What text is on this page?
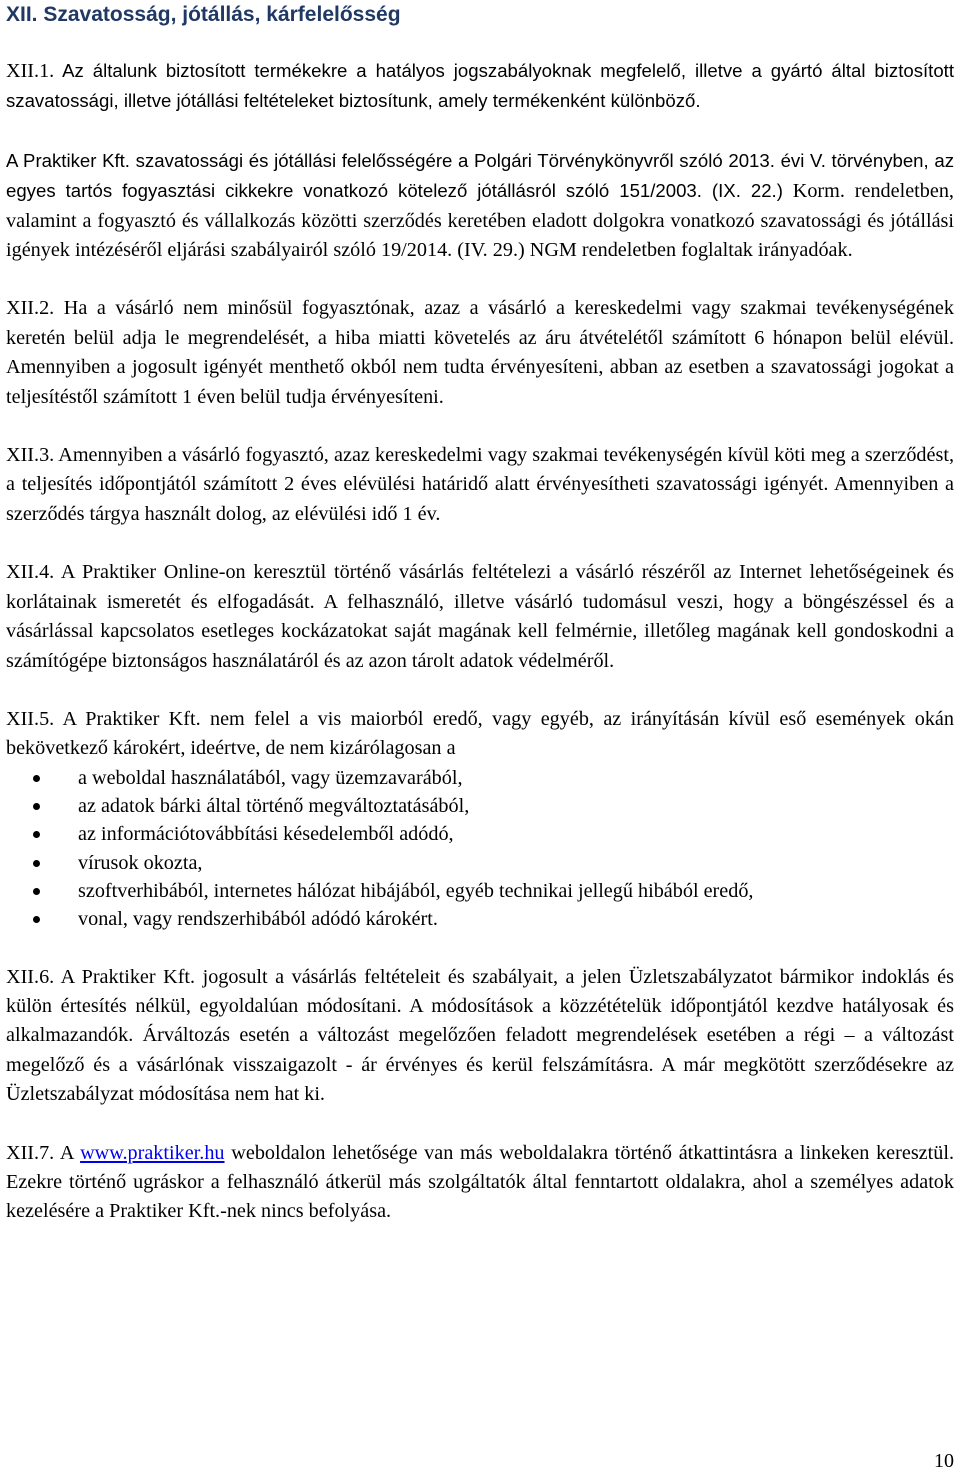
XII. Szavatosság, jótállás, kárfelelősség

XII.1. Az általunk biztosított termékekre a hatályos jogszabályoknak megfelelő, illetve a gyártó által biztosított szavatossági, illetve jótállási feltételeket biztosítunk, amely termékenként különböző.

A Praktiker Kft. szavatossági és jótállási felelősségére a Polgári Törvénykönyvről szóló 2013. évi V. törvényben, az egyes tartós fogyasztási cikkekre vonatkozó kötelező jótállásról szóló 151/2003. (IX. 22.) Korm. rendeletben, valamint a fogyasztó és vállalkozás közötti szerződés keretében eladott dolgokra vonatkozó szavatossági és jótállási igények intézéséről eljárási szabályairól szóló 19/2014. (IV. 29.) NGM rendeletben foglaltak irányadóak.

XII.2. Ha a vásárló nem minősül fogyasztónak, azaz a vásárló a kereskedelmi vagy szakmai tevékenységének keretén belül adja le megrendelését, a hiba miatti követelés az áru átvételétől számított 6 hónapon belül elévül. Amennyiben a jogosult igényét menthető okból nem tudta érvényesíteni, abban az esetben a szavatossági jogokat a teljesítéstől számított 1 éven belül tudja érvényesíteni.

XII.3. Amennyiben a vásárló fogyasztó, azaz kereskedelmi vagy szakmai tevékenységén kívül köti meg a szerződést, a teljesítés időpontjától számított 2 éves elévülési határidő alatt érvényesítheti szavatossági igényét. Amennyiben a szerződés tárgya használt dolog, az elévülési idő 1 év.

XII.4. A Praktiker Online-on keresztül történő vásárlás feltételezi a vásárló részéről az Internet lehetőségeinek és korlátainak ismeretét és elfogadását. A felhasználó, illetve vásárló tudomásul veszi, hogy a böngészéssel és a vásárlással kapcsolatos esetleges kockázatokat saját magának kell felmérnie, illetőleg magának kell gondoskodni a számítógépe biztonságos használatáról és az azon tárolt adatok védelméről.

XII.5. A Praktiker Kft. nem felel a vis maiorból eredő, vagy egyéb, az irányításán kívül eső események okán bekövetkező károkért, ideértve, de nem kizárólagosan a

a weboldal használatából, vagy üzemzavarából,
az adatok bárki által történő megváltoztatásából,
az információtovábbítási késedelemből adódó,
vírusok okozta,
szoftverhibából, internetes hálózat hibájából, egyéb technikai jellegű hibából eredő,
vonal, vagy rendszerhibából adódó károkért.

XII.6. A Praktiker Kft. jogosult a vásárlás feltételeit és szabályait, a jelen Üzletszabályzatot bármikor indoklás és külön értesítés nélkül, egyoldalúan módosítani. A módosítások a közzétételük időpontjától kezdve hatályosak és alkalmazandók. Árváltozás esetén a változást megelőzően feladott megrendelések esetében a régi – a változást megelőző és a vásárlónak visszaigazolt - ár érvényes és kerül felszámításra. A már megkötött szerződésekre az Üzletszabályzat módosítása nem hat ki.

XII.7. A www.praktiker.hu weboldalon lehetősége van más weboldalakra történő átkattintásra a linkeken keresztül. Ezekre történő ugráskor a felhasználó átkerül más szolgáltatók által fenntartott oldalakra, ahol a személyes adatok kezelésére a Praktiker Kft.-nek nincs befolyása.

10
